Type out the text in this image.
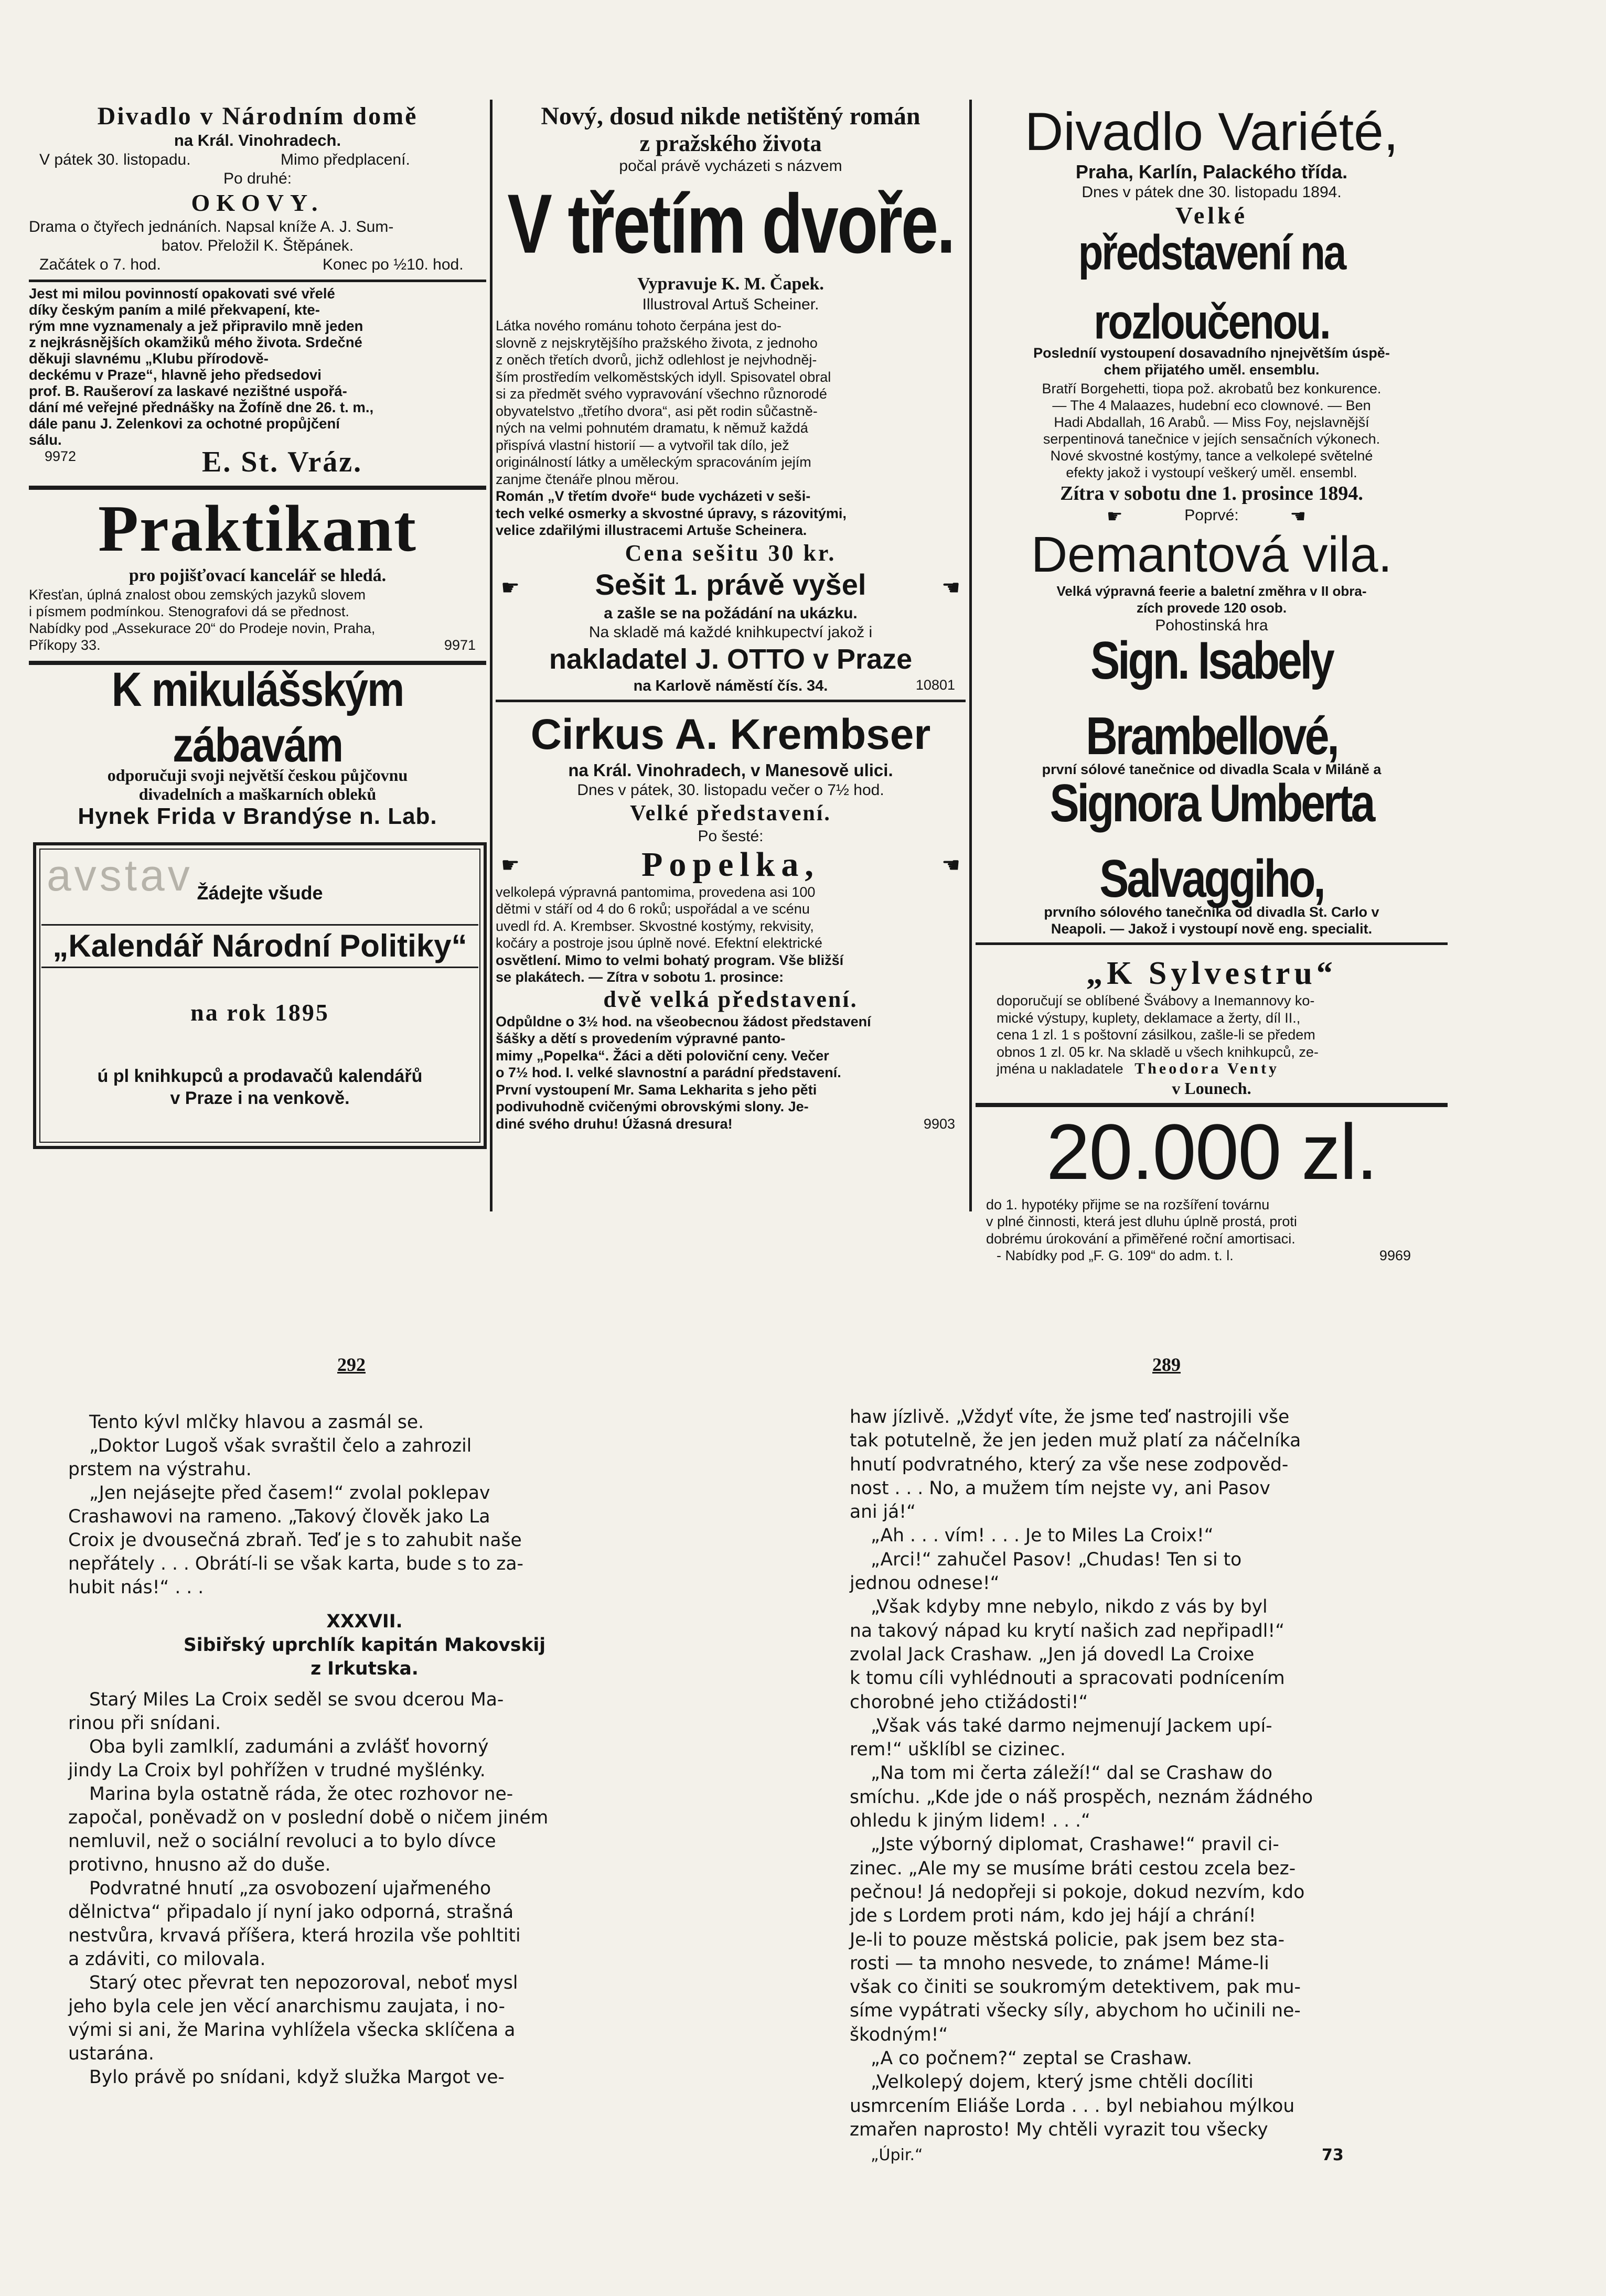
Divadlo v Národním domě
na Král. Vinohradech.
V pátek 30. listopadu.	Mimo předplacení.
Po druhé:
OKOVY.
Drama o čtyřech jednáních. Napsal kníže A. J. Sum-
batov. Přeložil K. Štěpánek.
Začátek o 7. hod.	Konec po ½10. hod.
Jest mi milou povinností opakovati své vřelé
díky českým paním a milé překvapení, kte-
rým mne vyznamenaly a jež připravilo mně jeden
z nejkrásnějších okamžiků mého života. Srdečné
děkuji slavnému „Klubu přírodově-
deckému v Praze“, hlavně jeho předsedovi
prof. B. Raušeroví za laskavé nezištné uspořá-
dání mé veřejné přednášky na Žofíně dne 26. t. m.,
dále panu J. Zelenkovi za ochotné propůjčení
sálu.
9972	E. St. Vráz.
Praktikant
pro pojišťovací kancelář se hledá.
Křesťan, úplná znalost obou zemských jazyků slovem
i písmem podmínkou. Stenografovi dá se přednost.
Nabídky pod „Assekurace 20“ do Prodeje novin, Praha,
Příkopy 33.	9971
K mikulášským zábavám
odporučuji svoji největší českou půjčovnu
divadelních a maškarních obleků
Hynek Frida v Brandýse n. Lab.
avstav Žádejte všude
„Kalendář Národní Politiky“
na rok 1895
ú pl knihkupců a prodavačů kalendářů
v Praze i na venkově.
Nový, dosud nikde netištěný román
z pražského života
počal právě vycházeti s názvem
V třetím dvoře.
Vypravuje K. M. Čapek.
Illustroval Artuš Scheiner.
Látka nového románu tohoto čerpána jest do-
slovně z nejskrytějšího pražského života, z jednoho
z oněch třetích dvorů, jichž odlehlost je nejvhodněj-
ším prostředím velkoměstských idyll. Spisovatel obral
si za předmět svého vypravování všechno různorodé
obyvatelstvo „třetího dvora“, asi pět rodin sůčastně-
ných na velmi pohnutém dramatu, k němuž každá
přispívá vlastní historií — a vytvořil tak dílo, jež
originálností látky a uměleckým spracováním jejím
zanjme čtenáře plnou měrou.
Román „V třetím dvoře“ bude vycházeti v seši-
tech velké osmerky a skvostné úpravy, s rázovitými,
velice zdařilými illustracemi Artuše Scheinera.
Cena sešitu 30 kr.
☛	Sešit 1. právě vyšel	☚
a zašle se na požádání na ukázku.
Na skladě má každé knihkupectví jakož i
nakladatel J. OTTO v Praze
na Karlově náměstí čís. 34.	10801
Cirkus A. Krembser
na Král. Vinohradech, v Manesově ulici.
Dnes v pátek, 30. listopadu večer o 7½ hod.
Velké představení.
Po šesté:
☛	Popelka,	☚
velkolepá výpravná pantomima, provedena asi 100
dětmi v stáří od 4 do 6 roků; uspořádal a ve scénu
uvedl ŕd. A. Krembser. Skvostné kostýmy, rekvisity,
kočáry a postroje jsou úplně nové. Efektní elektrické
osvětlení. Mimo to velmi bohatý program. Vše bližší
se plakátech. — Zítra v sobotu 1. prosince:
dvě velká představení.
Odpůldne o 3½ hod. na všeobecnou žádost představení
šášky a dětí s provedením výpravné panto-
mimy „Popelka“. Žáci a děti poloviční ceny. Večer
o 7½ hod. I. velké slavnostní a parádní představení.
První vystoupení Mr. Sama Lekharita s jeho pěti
podivuhodně cvičenými obrovskými slony. Je-
diné svého druhu! Úžasná dresura!	9903
Divadlo Variété,
Praha, Karlín, Palackého třída.
Dnes v pátek dne 30. listopadu 1894.
Velké
představení na rozloučenou.
Posledníí vystoupení dosavadního njnejvětším úspě-
chem přijatého uměl. ensemblu.
Bratří Borgehetti, tiopa pož. akrobatů bez konkurence.
— The 4 Malaazes, hudební eco clownové. — Ben
Hadi Abdallah, 16 Arabů. — Miss Foy, nejslavnější
serpentinová tanečnice v jejích sensačních výkonech.
Nové skvostné kostýmy, tance a velkolepé světelné
efekty jakož i vystoupí veškerý uměl. ensembl.
Zítra v sobotu dne 1. prosince 1894.
☛	Poprvé:	☚
Demantová vila.
Velká výpravná feerie a baletní změhra v II obra-
zích provede 120 osob.
Pohostinská hra
Sign. Isabely Brambellové,
první sólové tanečnice od divadla Scala v Miláně a
Signora Umberta Salvaggiho,
prvního sólového tanečníka od divadla St. Carlo v
Neapoli. — Jakož i vystoupí nově eng. specialit.
„K Sylvestru“
doporučují se oblíbené Švábovy a Inemannovy ko-
mické výstupy, kuplety, deklamace a žerty, díl II.,
cena 1 zl. 1 s poštovní zásilkou, zašle-li se předem
obnos 1 zl. 05 kr. Na skladě u všech knihkupců, ze-
jména u nakladatele Theodora Venty
v Lounech.
20.000 zl.
do 1. hypotéky přijme se na rozšíření továrnu
v plné činnosti, která jest dluhu úplně prostá, proti
dobrému úrokování a přiměřené roční amortisaci.
- Nabídky pod „F. G. 109“ do adm. t. l.	9969
292	289
Tento kývl mlčky hlavou a zasmál se.
„Doktor Lugoš však svraštil čelo a zahrozil
prstem na výstrahu.
„Jen nejásejte před časem!“ zvolal poklepav
Crashawovi na rameno. „Takový člověk jako La
Croix je dvousečná zbraň. Teď je s to zahubit naše
nepřátely . . . Obrátí-li se však karta, bude s to za-
hubit nás!“ . . .
XXXVII.
Sibiřský uprchlík kapitán Makovskij
z Irkutska.
Starý Miles La Croix seděl se svou dcerou Ma-
rinou při snídani.
Oba byli zamlklí, zadumáni a zvlášť hovorný
jindy La Croix byl pohřížen v trudné myšlénky.
Marina byla ostatně ráda, že otec rozhovor ne-
započal, poněvadž on v poslední době o ničem jiném
nemluvil, než o sociální revoluci a to bylo dívce
protivno, hnusno až do duše.
Podvratné hnutí „za osvobození ujařmeného
dělnictva“ připadalo jí nyní jako odporná, strašná
nestvůra, krvavá příšera, která hrozila vše pohltiti
a zdáviti, co milovala.
Starý otec převrat ten nepozoroval, neboť mysl
jeho byla cele jen věcí anarchismu zaujata, i no-
vými si ani, že Marina vyhlížela všecka sklíčena a
ustarána.
Bylo právě po snídani, když služka Margot ve-
haw jízlivě. „Vždyť víte, že jsme teď nastrojili vše
tak potutelně, že jen jeden muž platí za náčelníka
hnutí podvratného, který za vše nese zodpověd-
nost . . . No, a mužem tím nejste vy, ani Pasov
ani já!“
„Ah . . . vím! . . . Je to Miles La Croix!“
„Arci!“ zahučel Pasov! „Chudas! Ten si to
jednou odnese!“
„Však kdyby mne nebylo, nikdo z vás by byl
na takový nápad ku krytí našich zad nepřipadl!“
zvolal Jack Crashaw. „Jen já dovedl La Croixe
k tomu cíli vyhlédnouti a spracovati podnícením
chorobné jeho ctižádosti!“
„Však vás také darmo nejmenují Jackem upí-
rem!“ ušklíbl se cizinec.
„Na tom mi čerta záleží!“ dal se Crashaw do
smíchu. „Kde jde o náš prospěch, neznám žádného
ohledu k jiným lidem! . . .“
„Jste výborný diplomat, Crashawe!“ pravil ci-
zinec. „Ale my se musíme bráti cestou zcela bez-
pečnou! Já nedopřeji si pokoje, dokud nezvím, kdo
jde s Lordem proti nám, kdo jej hájí a chrání!
Je-li to pouze městská policie, pak jsem bez sta-
rosti — ta mnoho nesvede, to známe! Máme-li
však co činiti se soukromým detektivem, pak mu-
síme vypátrati všecky síly, abychom ho učinili ne-
škodným!“
„A co počnem?“ zeptal se Crashaw.
„Velkolepý dojem, který jsme chtěli docíliti
usmrcením Eliáše Lorda . . . byl nebiahou mýlkou
zmařen naprosto! My chtěli vyrazit tou všecky
„Úpir.“	73
